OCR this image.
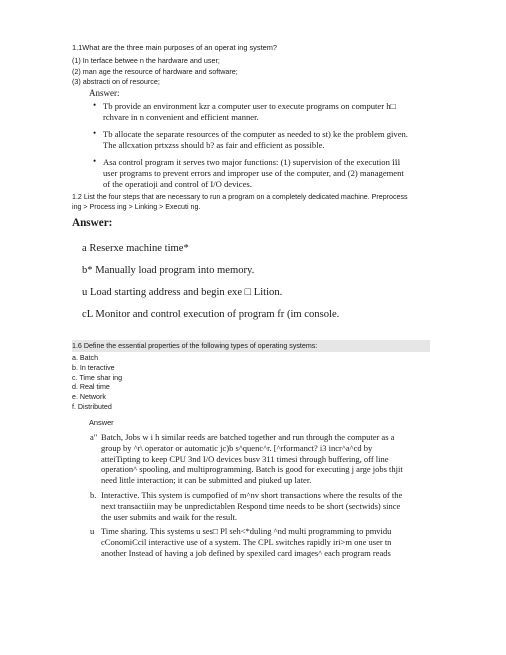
1.1What are the three main purposes of an operat ing system?
(1) In terface betwee n the hardware and user;
(2) man age the resource of hardware and software;
(3) abstracti on of resource;
Answer:

• Tb provide an environment kzr a computer user to execute programs on computer h□

rchvare in n convenient and efficient manner.

• Tb allocate the separate resources of the computer as needed to st) ke the problem given.

The allcxation prtxzss should b? as fair and efficient as possible.

• Asa control program it serves two major functions: (1) supervision of the execution ⅲ

user programs to prevent errors and improper use of the computer, and (2) management

of the operatioji and control of I/O devices.

1.2 List the four steps that are necessary to run a program on a completely dedicated machine. Preprocess
ing > Process ing > Linking > Executi ng.
Answer:
a Reserxe machine time*
b* Manually load program into memory.
u Load starting address and begin exe □ Lition.
cL Monitor and control execution of program fr (im console.
1.6 Define the essential properties of the following types of operating systems:
a. Batch
b. In teractive
c. Time shar ing
d. Real time
e. Network
f. Distributed
Answer
a" Batch, Jobs w i h similar reeds are batched together and run through the computer as a

group by ^r\ operator or automatic jc)b s^quenc^r. [^rformanct? i3 incr^a^cd by

atteiTipting to keep CPU 3nd I/O devices busv 311 timesi through buffering, off line

operation^ spooling, and multiprogramming. Batch is good for executing j arge jobs thjit

need little interaction; it can be submitted and piuked up later.

b. Interactive. This system is cumpofied of m^nv short transactions where the results of the

next transactiiin may be unpredictablen Respond time needs to be short (sectwids) since

the user submits and waik for the result.

u Time sharing. This systems u ses□ Pl seh<*duling ^nd multi programming to pmvidu

cConomiCcil interactive use of a system. The CPL switches rapidly iri>m one user tn

another Instead of having a job defined by spexiled card images^ each program reads
